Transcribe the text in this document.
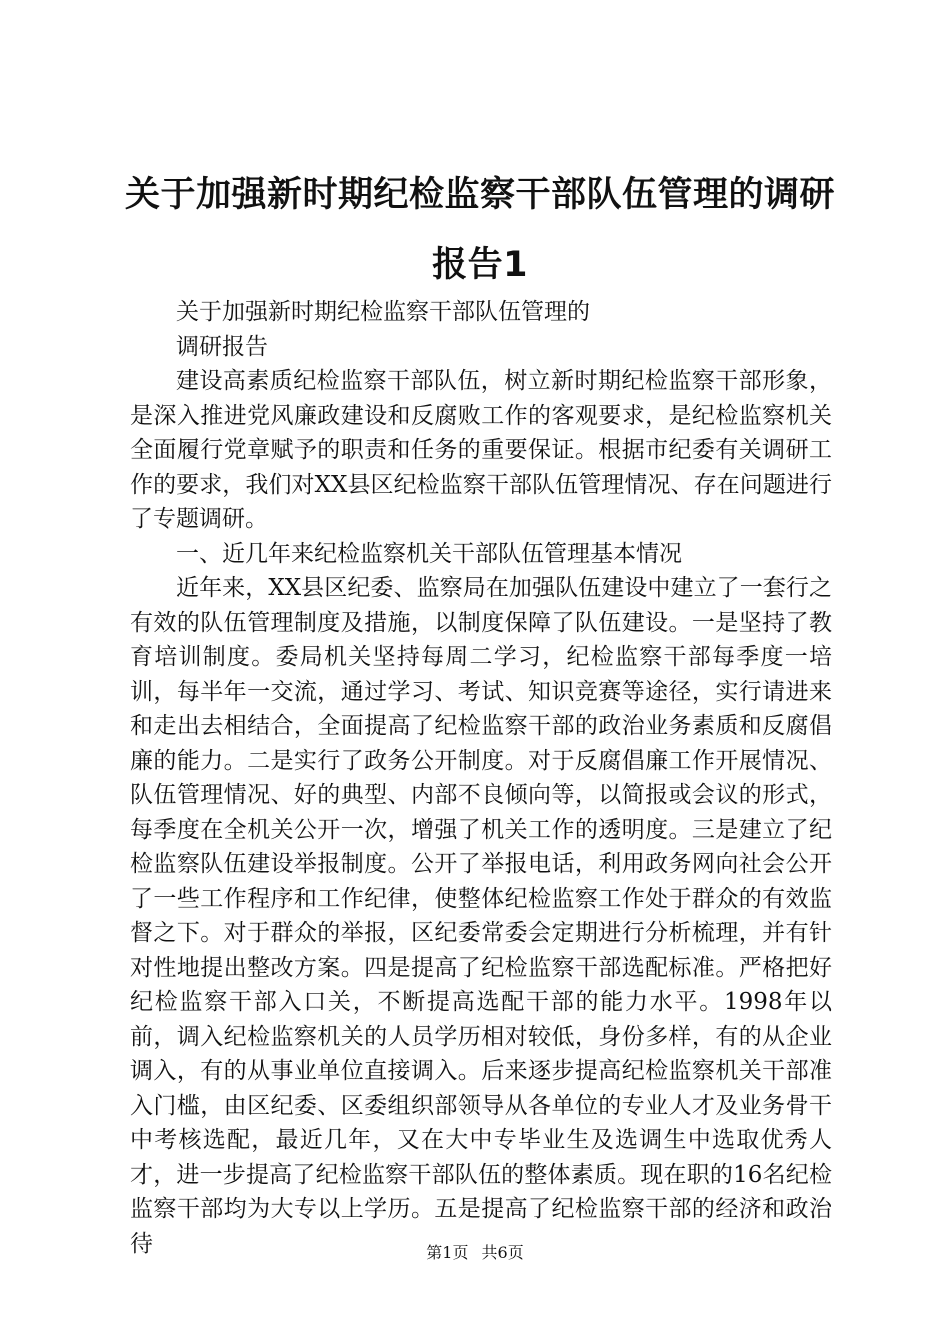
关于加强新时期纪检监察干部队伍管理的调研报告1

关于加强新时期纪检监察干部队伍管理的

调研报告

建设高素质纪检监察干部队伍，树立新时期纪检监察干部形象，是深入推进党风廉政建设和反腐败工作的客观要求，是纪检监察机关全面履行党章赋予的职责和任务的重要保证。根据市纪委有关调研工作的要求，我们对XX县区纪检监察干部队伍管理情况、存在问题进行了专题调研。

一、近几年来纪检监察机关干部队伍管理基本情况

近年来，XX县区纪委、监察局在加强队伍建设中建立了一套行之有效的队伍管理制度及措施，以制度保障了队伍建设。一是坚持了教育培训制度。委局机关坚持每周二学习，纪检监察干部每季度一培训，每半年一交流，通过学习、考试、知识竞赛等途径，实行请进来和走出去相结合，全面提高了纪检监察干部的政治业务素质和反腐倡廉的能力。二是实行了政务公开制度。对于反腐倡廉工作开展情况、队伍管理情况、好的典型、内部不良倾向等，以简报或会议的形式，每季度在全机关公开一次，增强了机关工作的透明度。三是建立了纪检监察队伍建设举报制度。公开了举报电话，利用政务网向社会公开了一些工作程序和工作纪律，使整体纪检监察工作处于群众的有效监督之下。对于群众的举报，区纪委常委会定期进行分析梳理，并有针对性地提出整改方案。四是提高了纪检监察干部选配标准。严格把好纪检监察干部入口关，不断提高选配干部的能力水平。1998年以前，调入纪检监察机关的人员学历相对较低，身份多样，有的从企业调入，有的从事业单位直接调入。后来逐步提高纪检监察机关干部准入门槛，由区纪委、区委组织部领导从各单位的专业人才及业务骨干中考核选配，最近几年，又在大中专毕业生及选调生中选取优秀人才，进一步提高了纪检监察干部队伍的整体素质。现在职的16名纪检监察干部均为大专以上学历。五是提高了纪检监察干部的经济和政治待	第1页 共6页
